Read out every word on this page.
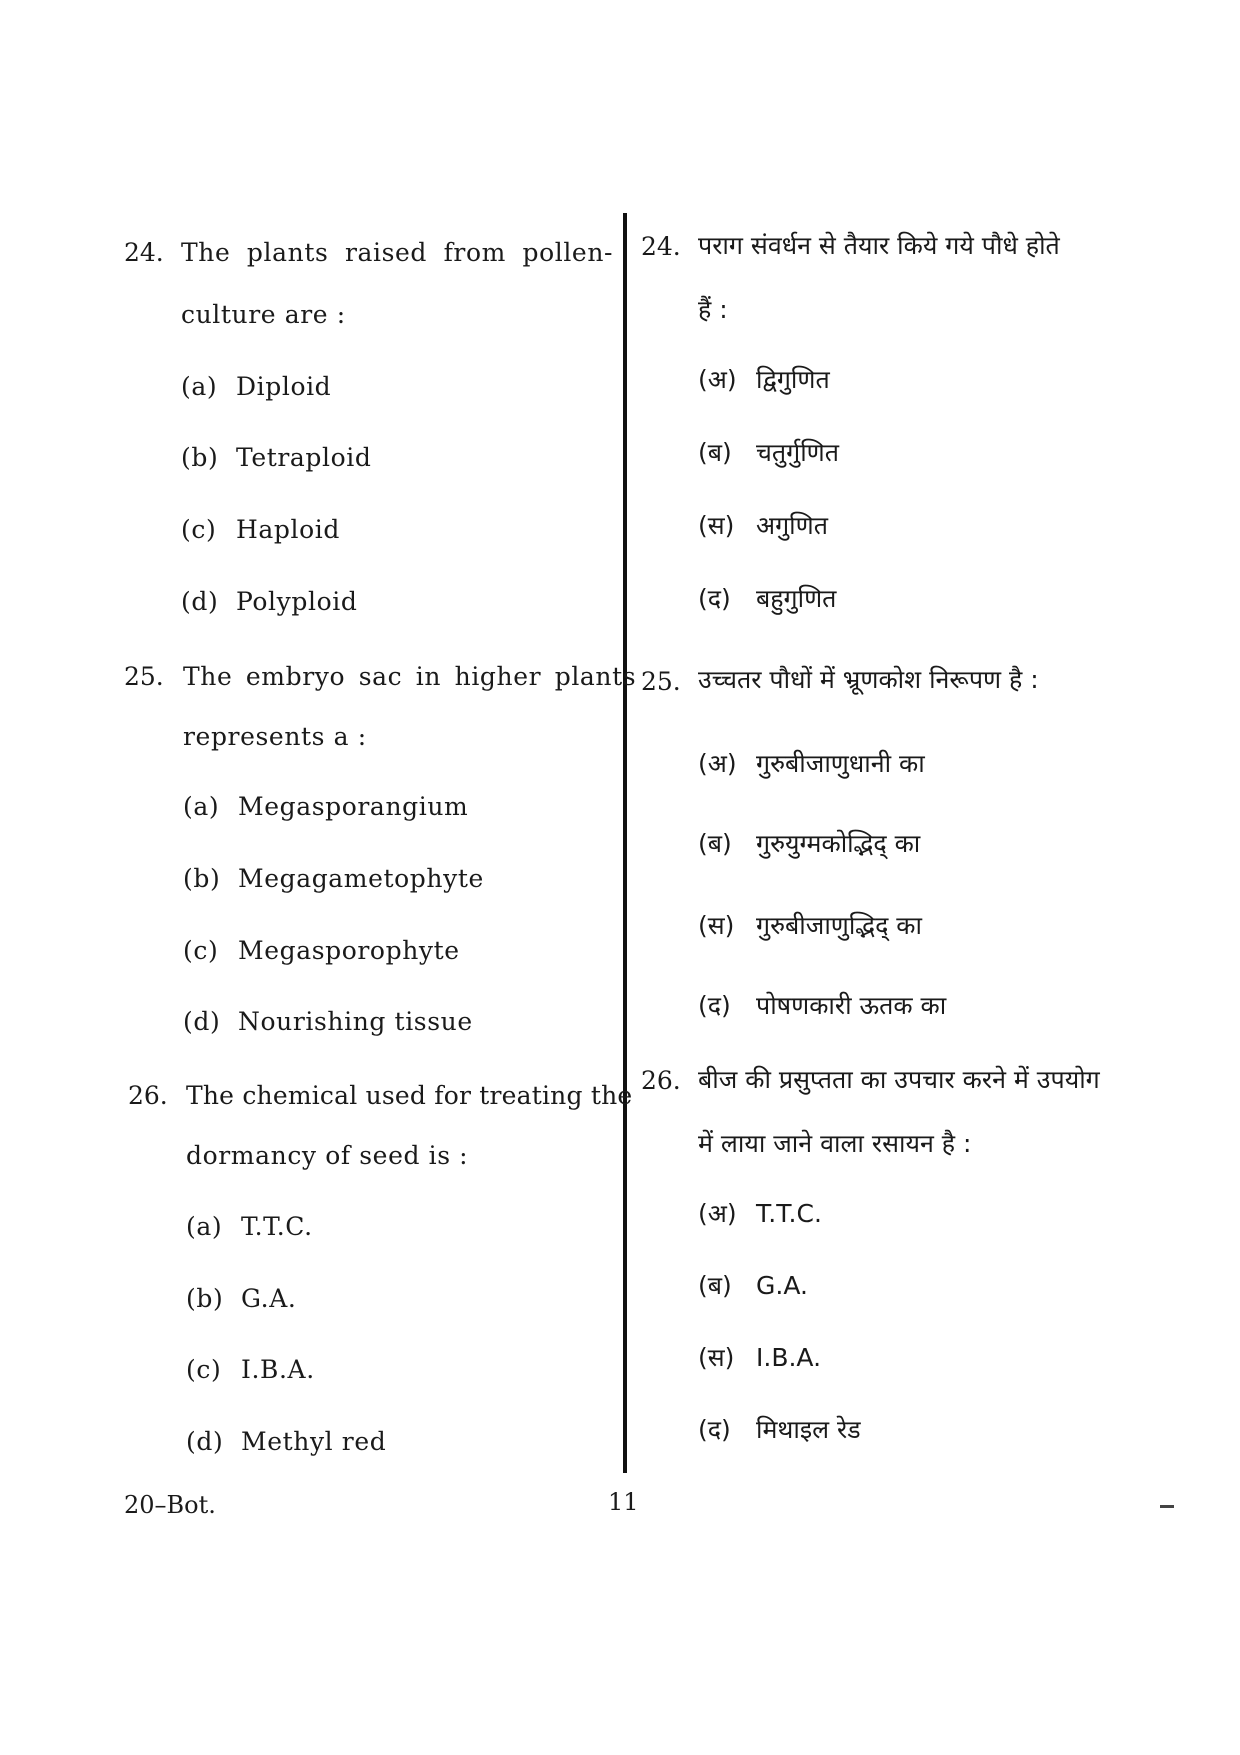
24. The plants raised from pollen-
culture are :
(a) Diploid
(b) Tetraploid
(c) Haploid
(d) Polyploid
25. The embryo sac in higher plants
represents a :
(a) Megasporangium
(b) Megagametophyte
(c) Megasporophyte
(d) Nourishing tissue
26. The chemical used for treating the
dormancy of seed is :
(a) T.T.C.
(b) G.A.
(c) I.B.A.
(d) Methyl red
24. पराग संवर्धन से तैयार किये गये पौधे होते
हैं :
(अ) द्विगुणित
(ब) चतुर्गुणित
(स) अगुणित
(द) बहुगुणित
25. उच्चतर पौधों में भ्रूणकोश निरूपण है :
(अ) गुरुबीजाणुधानी का
(ब) गुरुयुग्मकोद्भिद् का
(स) गुरुबीजाणुद्भिद् का
(द) पोषणकारी ऊतक का
26. बीज की प्रसुप्तता का उपचार करने में उपयोग
में लाया जाने वाला रसायन है :
(अ) T.T.C.
(ब) G.A.
(स) I.B.A.
(द) मिथाइल रेड
20–Bot.	11
